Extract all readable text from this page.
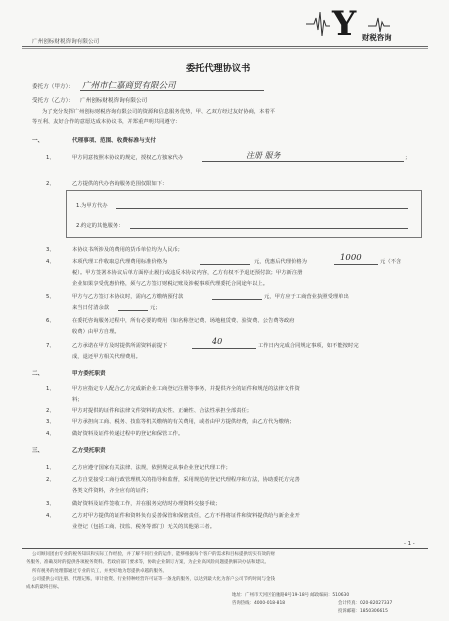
广州创标财税咨询有限公司	Y 财税咨询
委托代理协议书
委托方（甲方）： 广州市仁嘉商贸有限公司
受托方（乙方）： 广州创标财税咨询有限公司
为了充分发挥广州创标财税咨询有限公司的资源和信息服务优势，甲、乙双方经过友好协商，本着平
等互利、友好合作的意愿达成本协议书，并郑重声明共同遵守：
一、	代理事项、范围、收费标准与支付
1、	甲方同意按照本协议的规定，授权乙方独家代办	；
注册 服务
2、	乙方提供的代办咨询服务范围仅限如下：
1.为甲方代办
2.约定的其他服务：
3、	本协议书所涉及的费用的货币单位均为人民币;
4、	本项代理工作收取总代理费用标准价格为	元，优惠后代理价格为	1000	元（不含
税）。甲方签署本协议后单方面停止履行或违反本协议内容，乙方有权不予退还预付款；甲方新注册
企业如果享受优惠价格，须与乙方签订财税记账及涉税事项代理委托合同途年以上。
5、	甲方与乙方签订本协议时，需向乙方缴纳预付款	元，甲方应于工商营业执照受理单出
来当日付清余款	元；
6、	在委托咨询服务过程中，所有必要的费用（如名称登记费、场地租赁费、验资费、公告费等政府
收费）由甲方自理。
7、	乙方承诺在甲方及时提供所需资料前提下	40	工作日内完成合同规定事项，如不能按时完
成，退还甲方相关代理费用。
二、	甲方委托职责
1、	甲方应指定专人配合乙方完成新企业工商登记注册等事务，并提供齐全的证件和规范的法律文件资
料；
2、	甲方对提供的证件和法律文件资料的真实性、正确性、合法性承担全部责任；
3、	甲方承担向工商、税务、技监等机关缴纳的有关费用，或者由甲方提供经费，由乙方代为缴纳；
4、	做好资料及证件传递过程中的登记和保管工作。
三、	乙方受托职责
1、	乙方应遵守国家有关法律、法规，依照规定从事企业登记代理工作；
2、	乙方自觉接受工商行政管理机关的指导和监督，采用规范的登记代理程序和方法，协助委托方完善
各类文件资料，齐全应有的证件；
3、	做好资料及证件签收工作，并在服务完结时办理资料交接手续；
4、	乙方对甲方提供的证件和资料负有妥善保管和保密责任，乙方不得将证件和资料提供给与新企业开
业登记（包括工商、技监、税务等部门）无关的其他第三者。
- 1 -
公司顾问团由专业的税务知识和实际工作经验，并了解不同行业的运作，能够根据每个客户的需求和目标提供切实有效的财
务服务，准确及时的提供各项税务资料。若政府部门要求等，协助企业制订方案，为企业高风险问题提供解决办法和建议。
所有税务的处理都通过专业的员工，并更好地为您提供卓越的服务。
公司提供公司注册、代理记账、审计验资、行业特种经营许可证等一条龙的服务，以达到最大化为客户公司节约时间与金钱
成本的最终目标。
地址：广州市天河区铂驰路8号19-18号 邮政编码：510630
咨询热线：4000-018-818	会计传真：020-82027337
投诉邮箱：1850306615
